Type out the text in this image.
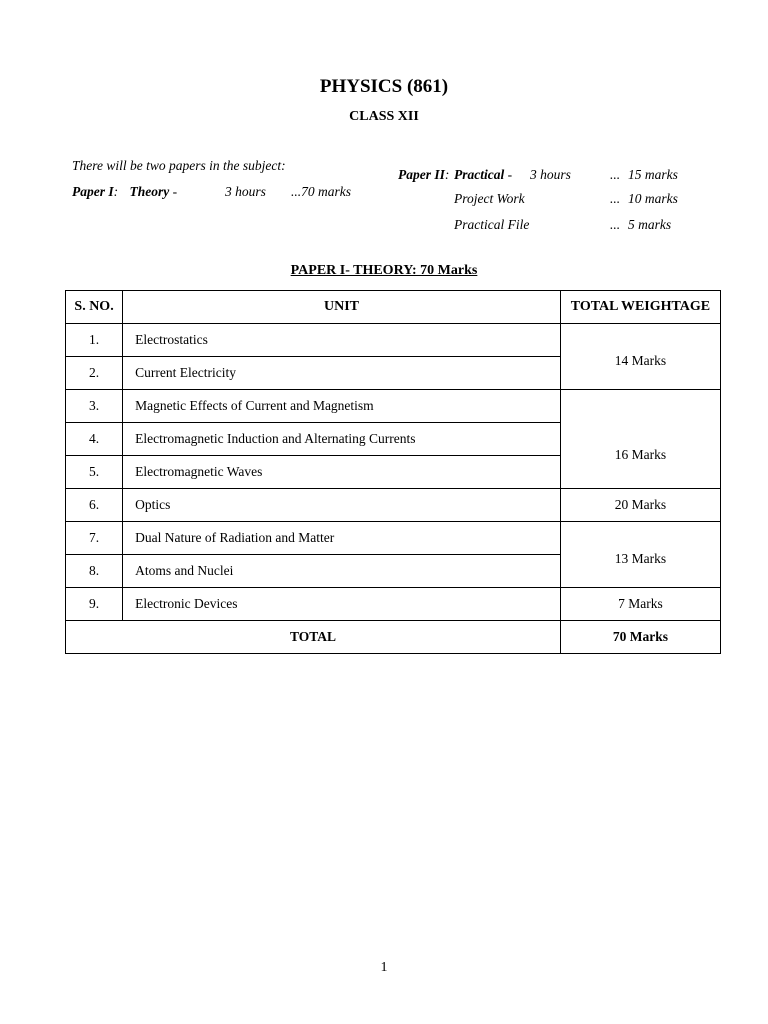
PHYSICS (861)
CLASS XII
There will be two papers in the subject:
Paper I: Theory -	3 hours ...70 marks
Paper II: Practical - 3 hours	... 15 marks
Project Work	... 10 marks
Practical File	... 5 marks
PAPER I- THEORY: 70 Marks
S. NO.	UNIT	TOTAL WEIGHTAGE
1.	Electrostatics	14 Marks
2.	Current Electricity	
3.	Magnetic Effects of Current and Magnetism	16 Marks
4.	Electromagnetic Induction and Alternating Currents	
5.	Electromagnetic Waves	
6.	Optics	20 Marks
7.	Dual Nature of Radiation and Matter	13 Marks
8.	Atoms and Nuclei	
9.	Electronic Devices	7 Marks
TOTAL		70 Marks
1
